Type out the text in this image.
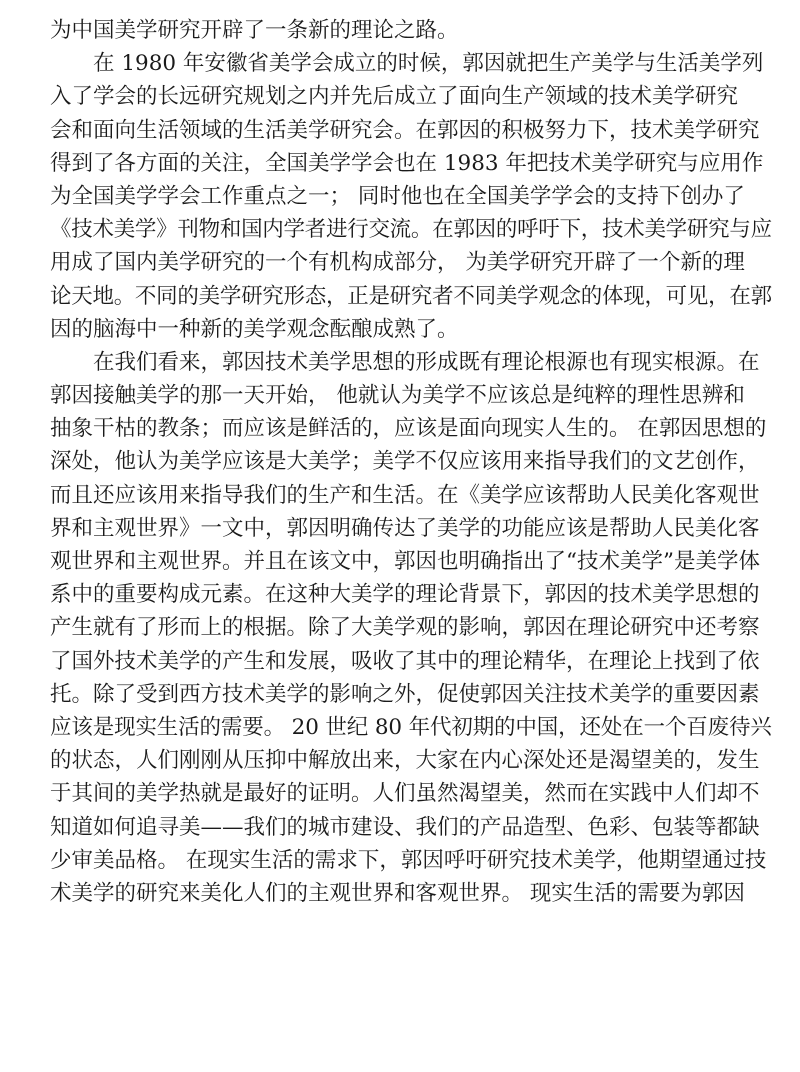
为中国美学研究开辟了一条新的理论之路。
在 1980 年安徽省美学会成立的时候，郭因就把生产美学与生活美学列
入了学会的长远研究规划之内并先后成立了面向生产领域的技术美学研究
会和面向生活领域的生活美学研究会。在郭因的积极努力下，技术美学研究
得到了各方面的关注，全国美学学会也在 1983 年把技术美学研究与应用作
为全国美学学会工作重点之一； 同时他也在全国美学学会的支持下创办了
《技术美学》刊物和国内学者进行交流。在郭因的呼吁下，技术美学研究与应
用成了国内美学研究的一个有机构成部分， 为美学研究开辟了一个新的理
论天地。不同的美学研究形态，正是研究者不同美学观念的体现，可见，在郭
因的脑海中一种新的美学观念酝酿成熟了。
在我们看来，郭因技术美学思想的形成既有理论根源也有现实根源。在
郭因接触美学的那一天开始， 他就认为美学不应该总是纯粹的理性思辨和
抽象干枯的教条；而应该是鲜活的，应该是面向现实人生的。 在郭因思想的
深处，他认为美学应该是大美学；美学不仅应该用来指导我们的文艺创作，
而且还应该用来指导我们的生产和生活。在《美学应该帮助人民美化客观世
界和主观世界》一文中，郭因明确传达了美学的功能应该是帮助人民美化客
观世界和主观世界。并且在该文中，郭因也明确指出了“技术美学”是美学体
系中的重要构成元素。在这种大美学的理论背景下，郭因的技术美学思想的
产生就有了形而上的根据。除了大美学观的影响，郭因在理论研究中还考察
了国外技术美学的产生和发展，吸收了其中的理论精华，在理论上找到了依
托。除了受到西方技术美学的影响之外，促使郭因关注技术美学的重要因素
应该是现实生活的需要。 20 世纪 80 年代初期的中国，还处在一个百废待兴
的状态，人们刚刚从压抑中解放出来，大家在内心深处还是渴望美的，发生
于其间的美学热就是最好的证明。人们虽然渴望美，然而在实践中人们却不
知道如何追寻美——我们的城市建设、我们的产品造型、色彩、包装等都缺
少审美品格。 在现实生活的需求下，郭因呼吁研究技术美学，他期望通过技
术美学的研究来美化人们的主观世界和客观世界。 现实生活的需要为郭因
